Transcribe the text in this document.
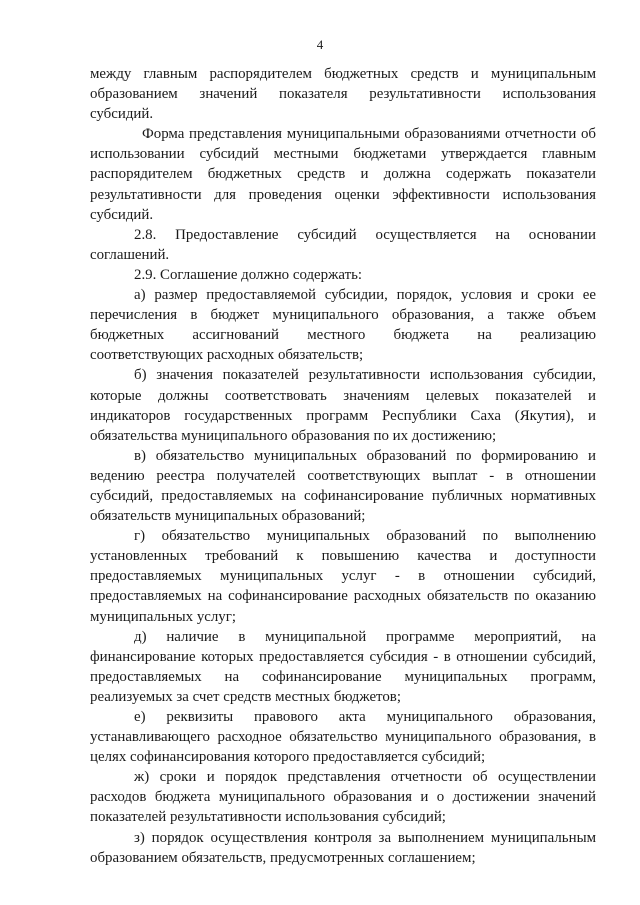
4
между главным распорядителем бюджетных средств и муниципальным
образованием значений показателя результативности использования
субсидий.
Форма представления муниципальными образованиями отчетности об
использовании субсидий местными бюджетами утверждается главным
распорядителем бюджетных средств и должна содержать показатели
результативности для проведения оценки эффективности использования
субсидий.
2.8. Предоставление субсидий осуществляется на основании
соглашений.
2.9. Соглашение должно содержать:
а) размер предоставляемой субсидии, порядок, условия и сроки ее
перечисления в бюджет муниципального образования, а также объем
бюджетных ассигнований местного бюджета на реализацию
соответствующих расходных обязательств;
б) значения показателей результативности использования субсидии,
которые должны соответствовать значениям целевых показателей и
индикаторов государственных программ Республики Саха (Якутия), и
обязательства муниципального образования по их достижению;
в) обязательство муниципальных образований по формированию и
ведению реестра получателей соответствующих выплат - в отношении
субсидий, предоставляемых на софинансирование публичных нормативных
обязательств муниципальных образований;
г) обязательство муниципальных образований по выполнению
установленных требований к повышению качества и доступности
предоставляемых муниципальных услуг - в отношении субсидий,
предоставляемых на софинансирование расходных обязательств по оказанию
муниципальных услуг;
д) наличие в муниципальной программе мероприятий, на
финансирование которых предоставляется субсидия - в отношении субсидий,
предоставляемых на софинансирование муниципальных программ,
реализуемых за счет средств местных бюджетов;
е) реквизиты правового акта муниципального образования,
устанавливающего расходное обязательство муниципального образования, в
целях софинансирования которого предоставляется субсидий;
ж) сроки и порядок представления отчетности об осуществлении
расходов бюджета муниципального образования и о достижении значений
показателей результативности использования субсидий;
з) порядок осуществления контроля за выполнением муниципальным
образованием обязательств, предусмотренных соглашением;
